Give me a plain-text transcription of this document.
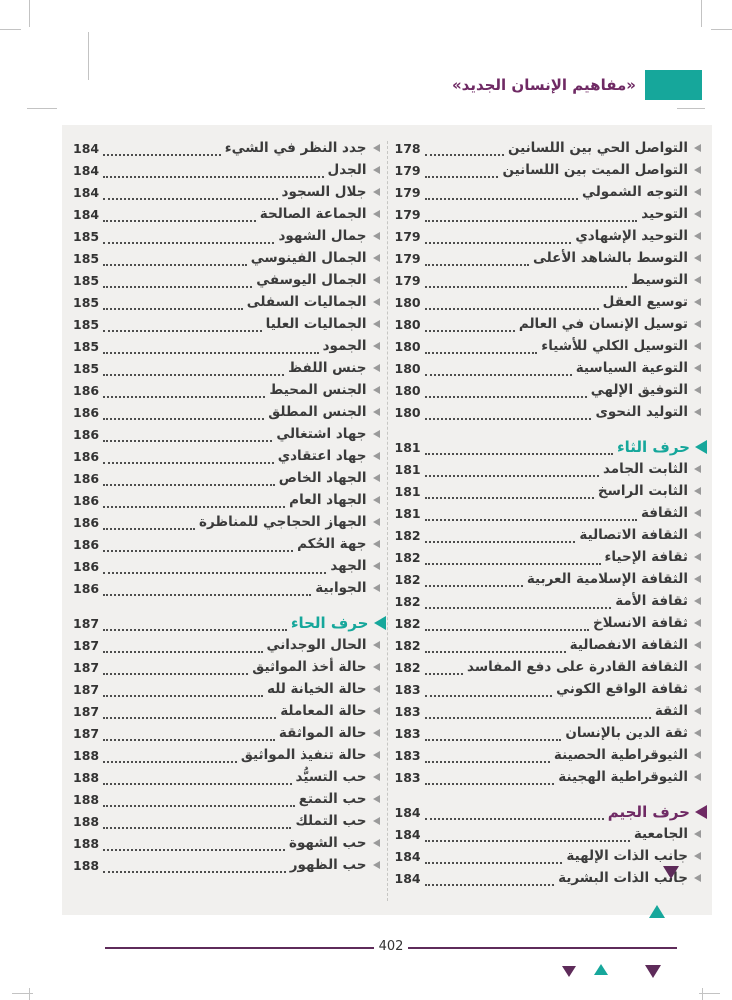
«مفاهيم الإنسان الجديد»
التواصل الحي بين اللسانين
178
التواصل الميت بين اللسانين
179
التوجه الشمولي
179
التوحيد
179
التوحيد الإشهادي
179
التوسط بالشاهد الأعلى
179
التوسيط
179
توسيع العقل
180
توسيل الإنسان في العالم
180
التوسيل الكلي للأشياء
180
التوعية السياسية
180
التوفيق الإلهي
180
التوليد النحوى
180
حرف الثاء
181
الثابت الجامد
181
الثابت الراسخ
181
الثقافة
181
الثقافة الاتصالية
182
ثقافة الإحياء
182
الثقافة الإسلامية العربية
182
ثقافة الأمة
182
ثقافة الانسلاخ
182
الثقافة الانفصالية
182
الثقافة القادرة على دفع المفاسد
182
ثقافة الواقع الكوني
183
الثقة
183
ثقة الدين بالإنسان
183
الثيوقراطية الحصينة
183
الثيوقراطية الهجينة
183
حرف الجيم
184
الجامعية
184
جانب الذات الإلهية
184
جانب الذات البشرية
184
جدد النظر في الشيء
184
الجدل
184
جلال السجود
184
الجماعة الصالحة
184
جمال الشهود
185
الجمال الفينوسي
185
الجمال اليوسفي
185
الجماليات السفلى
185
الجماليات العليا
185
الجمود
185
جنس اللفظ
185
الجنس المحيط
186
الجنس المطلق
186
جهاد اشتغالي
186
جهاد اعتقادي
186
الجهاد الخاص
186
الجهاد العام
186
الجهاز الحجاجي للمناظرة
186
جهة الحُكم
186
الجهد
186
الجوابية
186
حرف الحاء
187
الحال الوجداني
187
حالة أخذ المواثيق
187
حالة الخيانة لله
187
حالة المعاملة
187
حالة المواثقة
187
حالة تنفيذ المواثيق
188
حب التسيُّد
188
حب التمتع
188
حب التملك
188
حب الشهوة
188
حب الظهور
188
402
